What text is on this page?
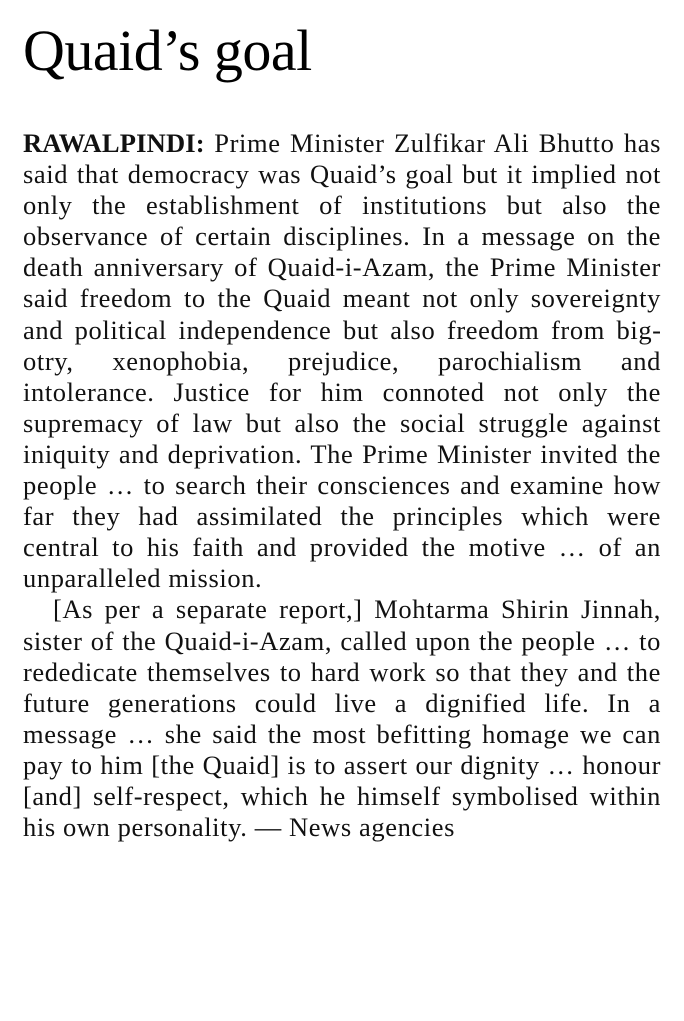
Quaid’s goal

RAWALPINDI: Prime Minister Zulfikar Ali Bhutto has said that democracy was Quaid’s goal but it implied not only the establishment of institutions but also the observance of certain disciplines. In a message on the death anniversary of Quaid-i-Azam, the Prime Minister said freedom to the Quaid meant not only sovereignty and political independence but also freedom from bigotry, xenophobia, prejudice, parochialism and intolerance. Justice for him connoted not only the supremacy of law but also the social struggle against iniquity and deprivation. The Prime Minister invited the people … to search their consciences and examine how far they had assimilated the principles which were central to his faith and provided the motive … of an unparalleled mission.

[As per a separate report,] Mohtarma Shirin Jinnah, sister of the Quaid-i-Azam, called upon the people … to rededicate themselves to hard work so that they and the future generations could live a dignified life. In a message … she said the most befitting homage we can pay to him [the Quaid] is to assert our dignity … honour [and] self-respect, which he himself symbolised within his own personality. — News agencies
